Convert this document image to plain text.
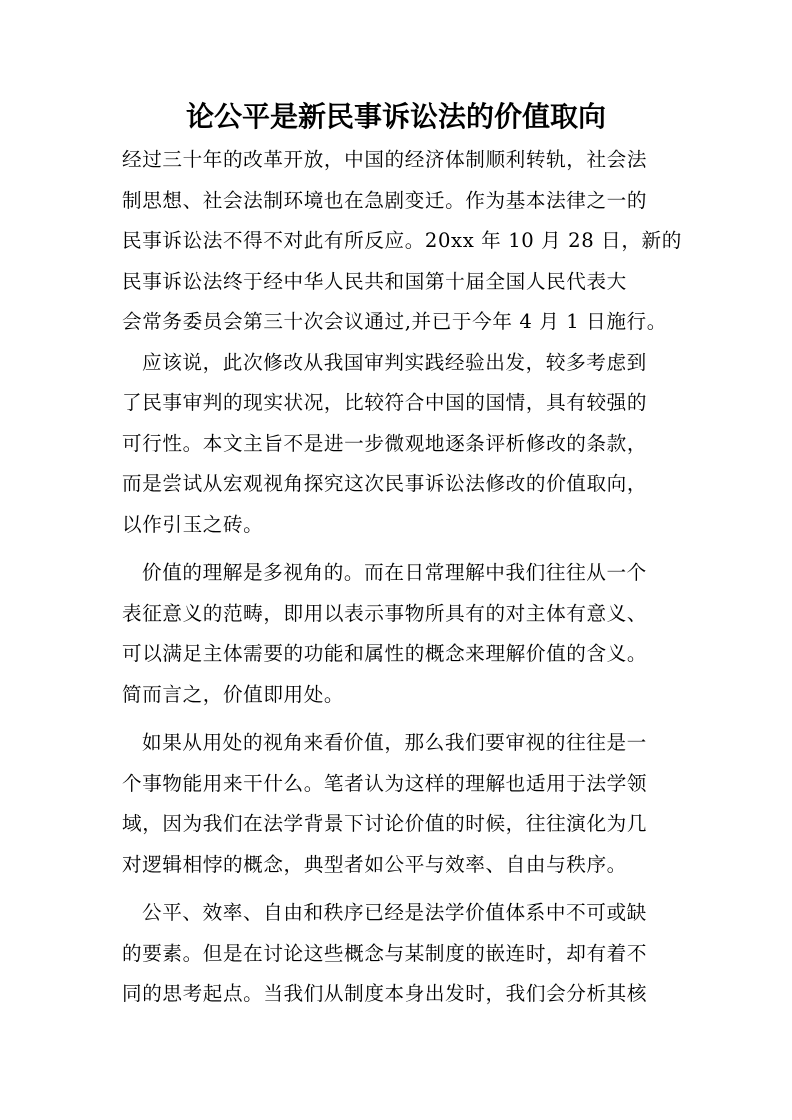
论公平是新民事诉讼法的价值取向
经过三十年的改革开放，中国的经济体制顺利转轨，社会法
制思想、社会法制环境也在急剧变迁。作为基本法律之一的
民事诉讼法不得不对此有所反应。20xx 年 10 月 28 日，新的
民事诉讼法终于经中华人民共和国第十届全国人民代表大
会常务委员会第三十次会议通过,并已于今年 4 月 1 日施行。
应该说，此次修改从我国审判实践经验出发，较多考虑到
了民事审判的现实状况，比较符合中国的国情，具有较强的
可行性。本文主旨不是进一步微观地逐条评析修改的条款，
而是尝试从宏观视角探究这次民事诉讼法修改的价值取向，
以作引玉之砖。
价值的理解是多视角的。而在日常理解中我们往往从一个
表征意义的范畴，即用以表示事物所具有的对主体有意义、
可以满足主体需要的功能和属性的概念来理解价值的含义。
简而言之，价值即用处。
如果从用处的视角来看价值，那么我们要审视的往往是一
个事物能用来干什么。笔者认为这样的理解也适用于法学领
域，因为我们在法学背景下讨论价值的时候，往往演化为几
对逻辑相悖的概念，典型者如公平与效率、自由与秩序。
公平、效率、自由和秩序已经是法学价值体系中不可或缺
的要素。但是在讨论这些概念与某制度的嵌连时，却有着不
同的思考起点。当我们从制度本身出发时，我们会分析其核
